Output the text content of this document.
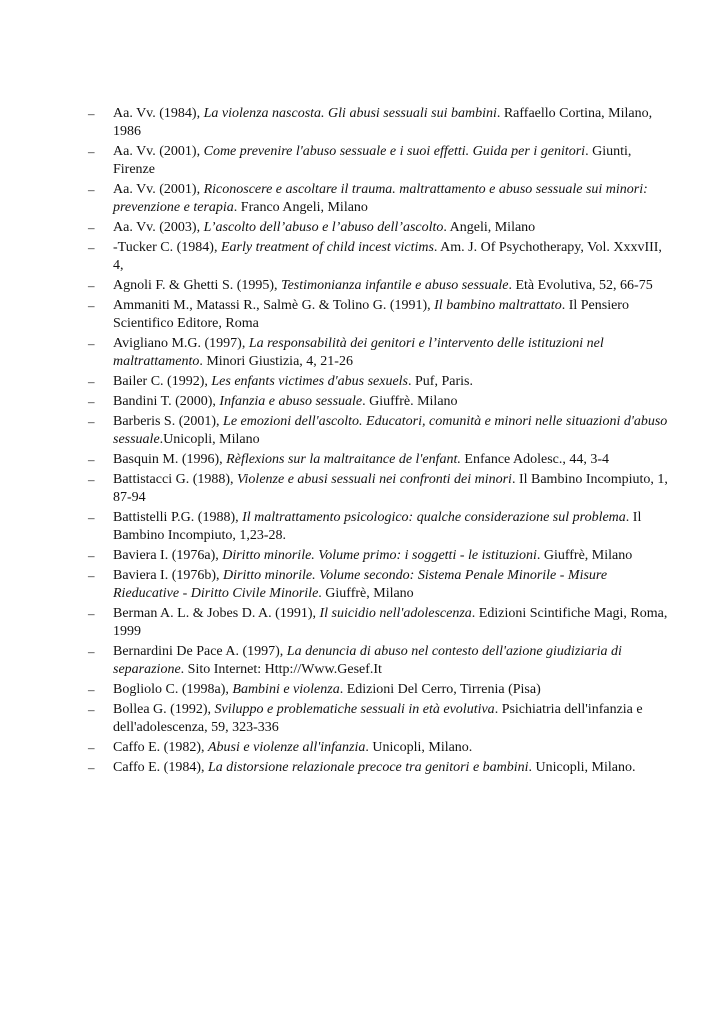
–	Aa. Vv. (1984), La violenza nascosta. Gli abusi sessuali sui bambini. Raffaello Cortina, Milano, 1986
–	Aa. Vv. (2001), Come prevenire l'abuso sessuale e i suoi effetti. Guida per i genitori. Giunti, Firenze
–	Aa. Vv. (2001), Riconoscere e ascoltare il trauma. maltrattamento e abuso sessuale sui minori: prevenzione e terapia. Franco Angeli, Milano
–	Aa. Vv. (2003), L’ascolto dell’abuso e l’abuso dell’ascolto. Angeli, Milano
–	-Tucker C. (1984), Early treatment of child incest victims. Am. J. Of Psychotherapy, Vol. XxxvIII, 4,
–	Agnoli F. & Ghetti S. (1995), Testimonianza infantile e abuso sessuale. Età Evolutiva, 52, 66-75
–	Ammaniti M., Matassi R., Salmè G. & Tolino G. (1991), Il bambino maltrattato. Il Pensiero Scientifico Editore, Roma
–	Avigliano M.G. (1997), La responsabilità dei genitori e l’intervento delle istituzioni nel maltrattamento. Minori Giustizia, 4, 21-26
–	Bailer C. (1992), Les enfants victimes d'abus sexuels. Puf, Paris.
–	Bandini T. (2000), Infanzia e abuso sessuale. Giuffrè. Milano
–	Barberis S. (2001), Le emozioni dell'ascolto. Educatori, comunità e minori nelle situazioni d'abuso sessuale.Unicopli, Milano
–	Basquin M. (1996), Rèflexions sur la maltraitance de l'enfant. Enfance Adolesc., 44, 3-4
–	Battistacci G. (1988), Violenze e abusi sessuali nei confronti dei minori. Il Bambino Incompiuto, 1, 87-94
–	Battistelli P.G. (1988), Il maltrattamento psicologico: qualche considerazione sul problema. Il Bambino Incompiuto, 1,23-28.
–	Baviera I. (1976a), Diritto minorile. Volume primo: i soggetti - le istituzioni. Giuffrè, Milano
–	Baviera I. (1976b), Diritto minorile. Volume secondo: Sistema Penale Minorile - Misure Rieducative - Diritto Civile Minorile. Giuffrè, Milano
–	Berman A. L. & Jobes D. A. (1991), Il suicidio nell'adolescenza. Edizioni Scintifiche Magi, Roma, 1999
–	Bernardini De Pace A. (1997), La denuncia di abuso nel contesto dell'azione giudiziaria di separazione. Sito Internet: Http://Www.Gesef.It
–	Bogliolo C. (1998a), Bambini e violenza. Edizioni Del Cerro, Tirrenia (Pisa)
–	Bollea G. (1992), Sviluppo e problematiche sessuali in età evolutiva. Psichiatria dell'infanzia e dell'adolescenza, 59, 323-336
–	Caffo E. (1982), Abusi e violenze all'infanzia. Unicopli, Milano.
–	Caffo E. (1984), La distorsione relazionale precoce tra genitori e bambini. Unicopli, Milano.
